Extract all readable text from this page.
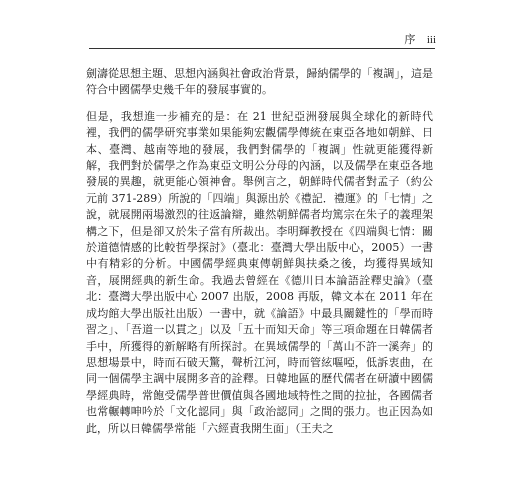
序 iii

劍濤從思想主題、思想內涵與社會政治背景，歸納儒學的「複調」，這是符合中國儒學史幾千年的發展事實的。

但是，我想進一步補充的是：在 21 世紀亞洲發展與全球化的新時代裡，我們的儒學研究事業如果能夠宏觀儒學傳統在東亞各地如朝鮮、日本、臺灣、越南等地的發展，我們對儒學的「複調」性就更能獲得新解，我們對於儒學之作為東亞文明公分母的內涵，以及儒學在東亞各地發展的異趣，就更能心領神會。舉例言之，朝鮮時代儒者對孟子（約公元前 371-289）所說的「四端」與源出於《禮記．禮運》的「七情」之說，就展開兩場激烈的往返論辯，雖然朝鮮儒者均篤宗在朱子的義理架構之下，但是卻又於朱子當有所裁出。李明輝教授在《四端與七情：關於道德情感的比較哲學探討》（臺北：臺灣大學出版中心，2005）一書中有精彩的分析。中國儒學經典東傳朝鮮與扶桑之後，均獲得異域知音，展開經典的新生命。我過去曾經在《德川日本論語詮釋史論》（臺北：臺灣大學出版中心 2007 出版，2008 再版，韓文本在 2011 年在成均館大學出版社出版）一書中，就《論語》中最具關鍵性的「學而時習之」、「吾道一以貫之」以及「五十而知天命」等三項命題在日韓儒者手中，所獲得的新解略有所探討。在異域儒學的「萬山不許一溪奔」的思想場景中，時而石破天驚，聲析江河，時而管絃嘔啞，低訴衷曲，在同一個儒學主調中展開多音的詮釋。日韓地區的歷代儒者在研讀中國儒學經典時，常飽受儒學普世價值與各國地域特性之間的拉扯，各國儒者也常輾轉呻吟於「文化認同」與「政治認同」之間的張力。也正因為如此，所以日韓儒學常能「六經責我開生面」（王夫之
